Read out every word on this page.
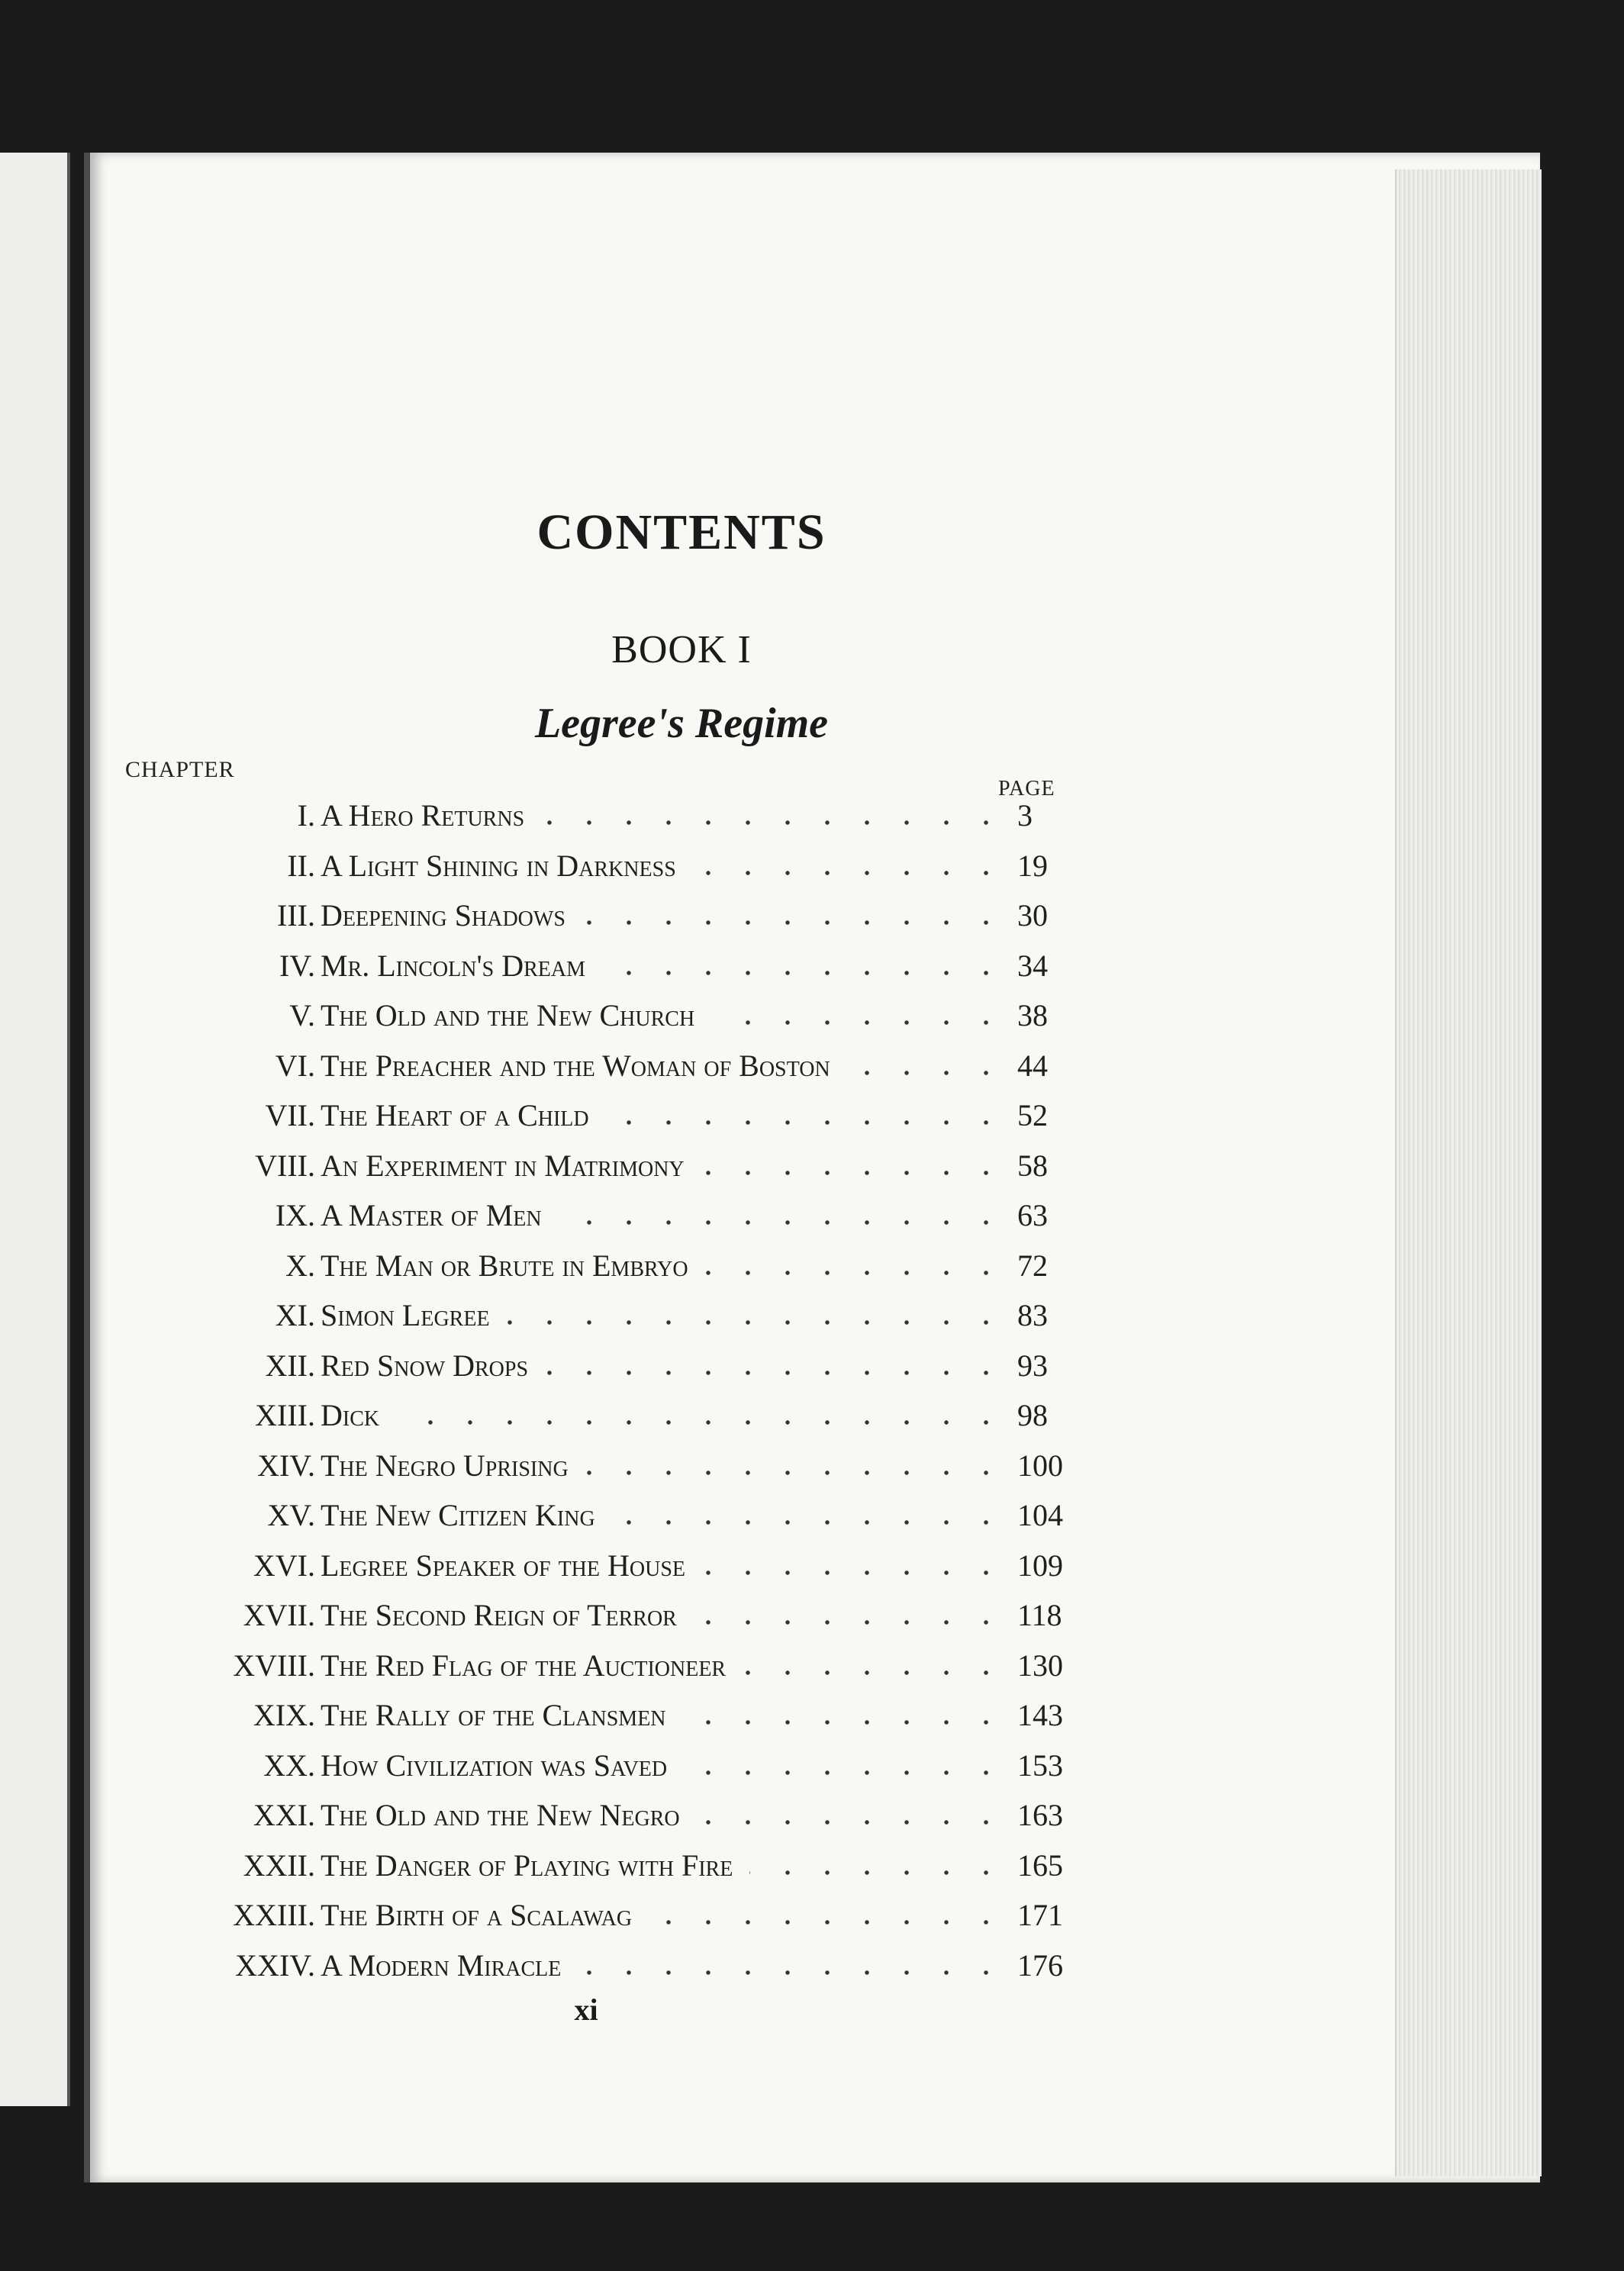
CONTENTS
BOOK I
Legree's Regime
CHAPTER
PAGE
I. A Hero Returns	3
II. A Light Shining in Darkness	19
III. Deepening Shadows	30
IV. Mr. Lincoln's Dream	34
V. The Old and the New Church	38
VI. The Preacher and the Woman of Boston	44
VII. The Heart of a Child	52
VIII. An Experiment in Matrimony	58
IX. A Master of Men	63
X. The Man or Brute in Embryo	72
XI. Simon Legree	83
XII. Red Snow Drops	93
XIII. Dick	98
XIV. The Negro Uprising	100
XV. The New Citizen King	104
XVI. Legree Speaker of the House	109
XVII. The Second Reign of Terror	118
XVIII. The Red Flag of the Auctioneer	130
XIX. The Rally of the Clansmen	143
XX. How Civilization was Saved	153
XXI. The Old and the New Negro	163
XXII. The Danger of Playing with Fire	165
XXIII. The Birth of a Scalawag	171
XXIV. A Modern Miracle	176
xi
